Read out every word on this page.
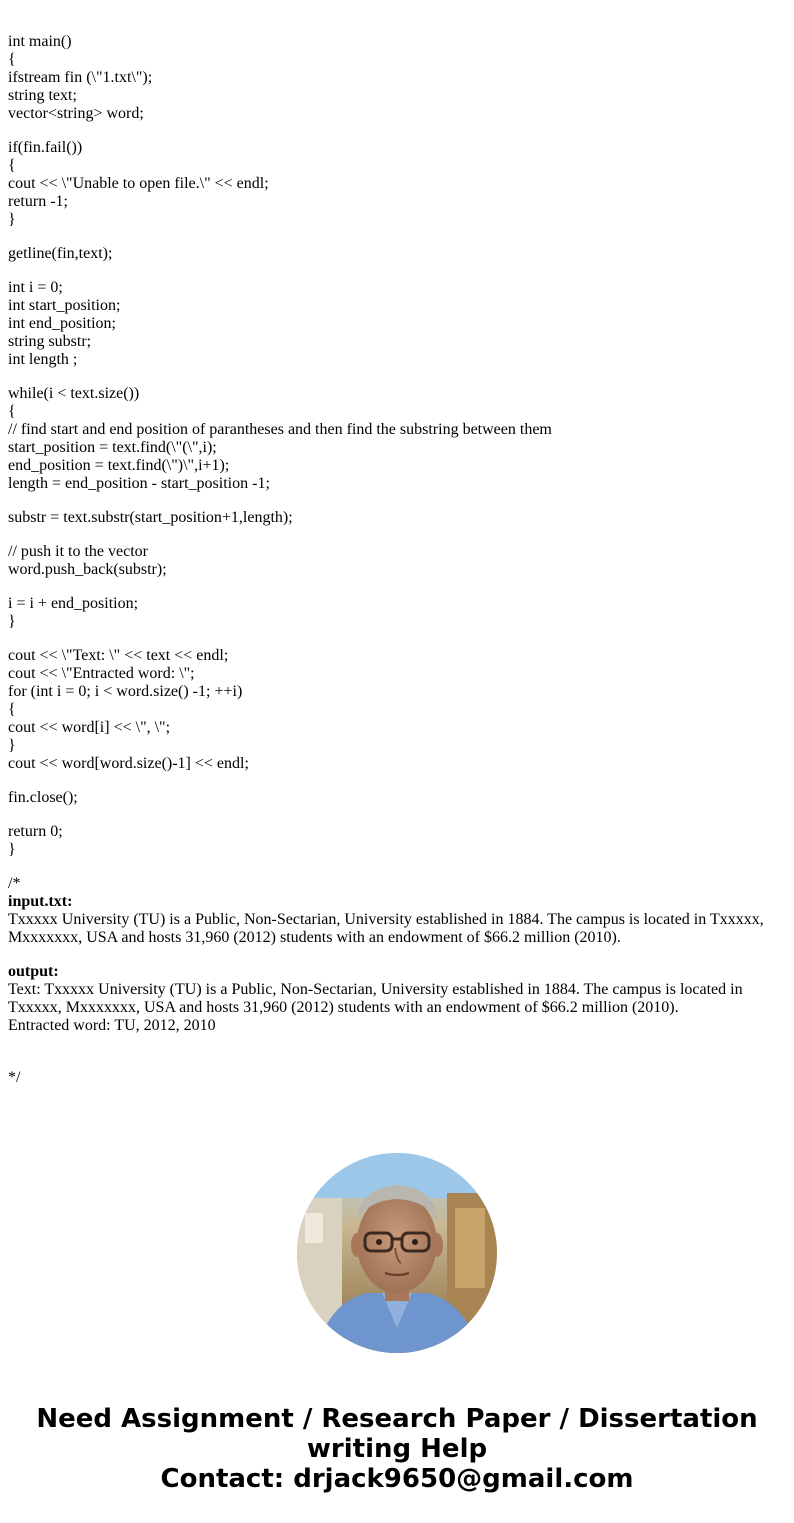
int main()
{
ifstream fin (\"1.txt\");
string text;
vector<string> word;
if(fin.fail())
{
cout << \"Unable to open file.\" << endl;
return -1;
}
getline(fin,text);
int i = 0;
int start_position;
int end_position;
string substr;
int length ;
while(i < text.size())
{
// find start and end position of parantheses and then find the substring between them
start_position = text.find(\"(\",i);
end_position = text.find(\")\",i+1);
length = end_position - start_position -1;
substr = text.substr(start_position+1,length);
// push it to the vector
word.push_back(substr);
i = i + end_position;
}
cout << \"Text: \" << text << endl;
cout << \"Entracted word: \";
for (int i = 0; i < word.size() -1; ++i)
{
cout << word[i] << \", \";
}
cout << word[word.size()-1] << endl;
fin.close();
return 0;
}
/*
input.txt:
Txxxxx University (TU) is a Public, Non-Sectarian, University established in 1884. The campus is located in Txxxxx, Mxxxxxxx, USA and hosts 31,960 (2012) students with an endowment of $66.2 million (2010).
output:
Text: Txxxxx University (TU) is a Public, Non-Sectarian, University established in 1884. The campus is located in Txxxxx, Mxxxxxxx, USA and hosts 31,960 (2012) students with an endowment of $66.2 million (2010).
Entracted word: TU, 2012, 2010
*/
Need Assignment / Research Paper / Dissertation
writing Help
Contact: drjack9650@gmail.com
